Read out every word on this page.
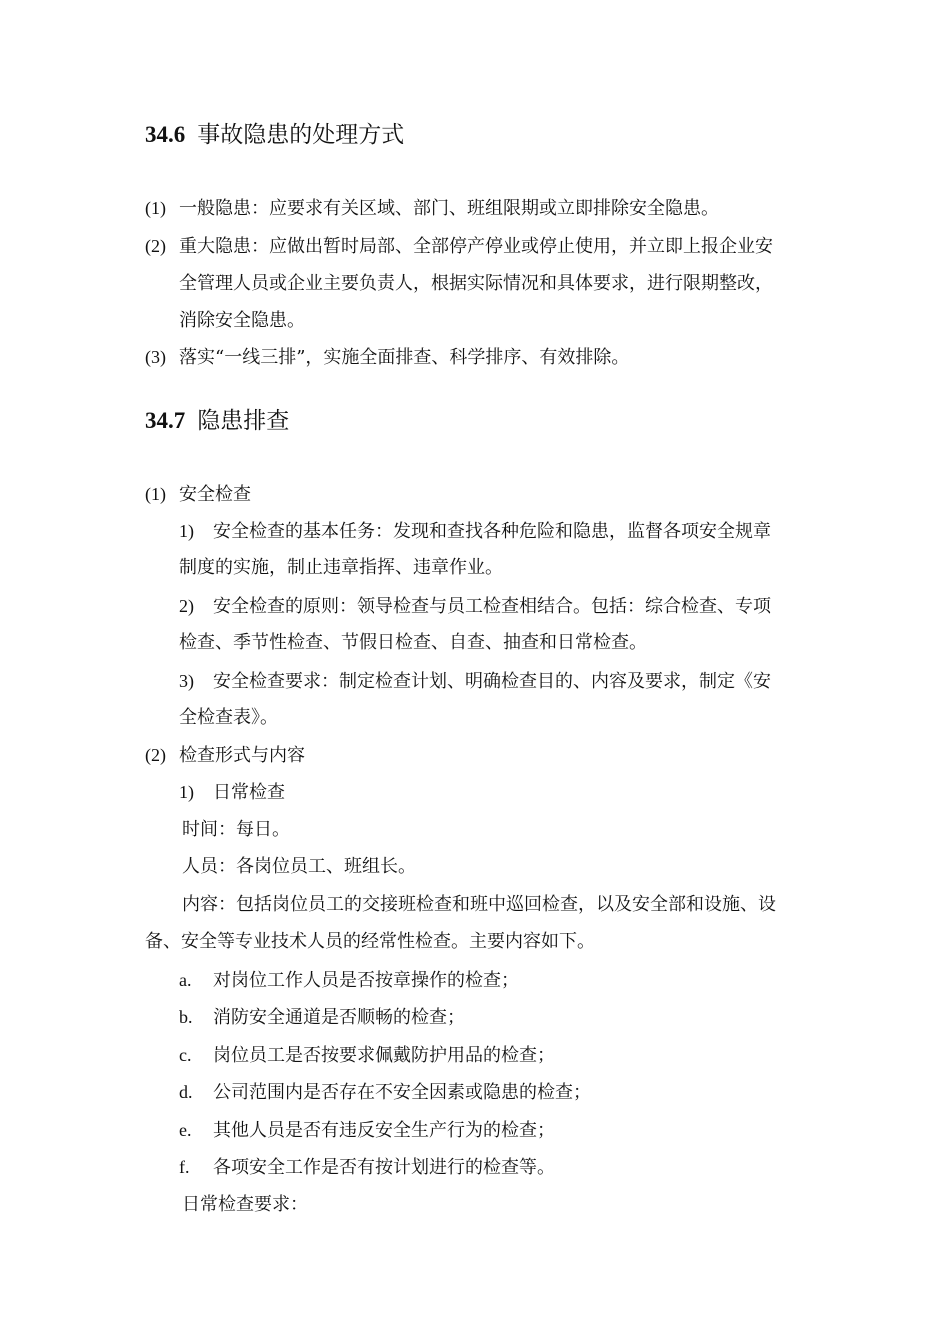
34.6 事故隐患的处理方式
(1) 一般隐患：应要求有关区域、部门、班组限期或立即排除安全隐患。
(2) 重大隐患：应做出暂时局部、全部停产停业或停止使用，并立即上报企业安
全管理人员或企业主要负责人，根据实际情况和具体要求，进行限期整改，
消除安全隐患。
(3) 落实“一线三排”，实施全面排查、科学排序、有效排除。
34.7 隐患排查
(1) 安全检查
1) 安全检查的基本任务：发现和查找各种危险和隐患，监督各项安全规章
制度的实施，制止违章指挥、违章作业。
2) 安全检查的原则：领导检查与员工检查相结合。包括：综合检查、专项
检查、季节性检查、节假日检查、自查、抽查和日常检查。
3) 安全检查要求：制定检查计划、明确检查目的、内容及要求，制定《安
全检查表》。
(2) 检查形式与内容
1) 日常检查
时间：每日。
人员：各岗位员工、班组长。
内容：包括岗位员工的交接班检查和班中巡回检查，以及安全部和设施、设
备、安全等专业技术人员的经常性检查。主要内容如下。
a. 对岗位工作人员是否按章操作的检查；
b. 消防安全通道是否顺畅的检查；
c. 岗位员工是否按要求佩戴防护用品的检查；
d. 公司范围内是否存在不安全因素或隐患的检查；
e. 其他人员是否有违反安全生产行为的检查；
f. 各项安全工作是否有按计划进行的检查等。
日常检查要求：
